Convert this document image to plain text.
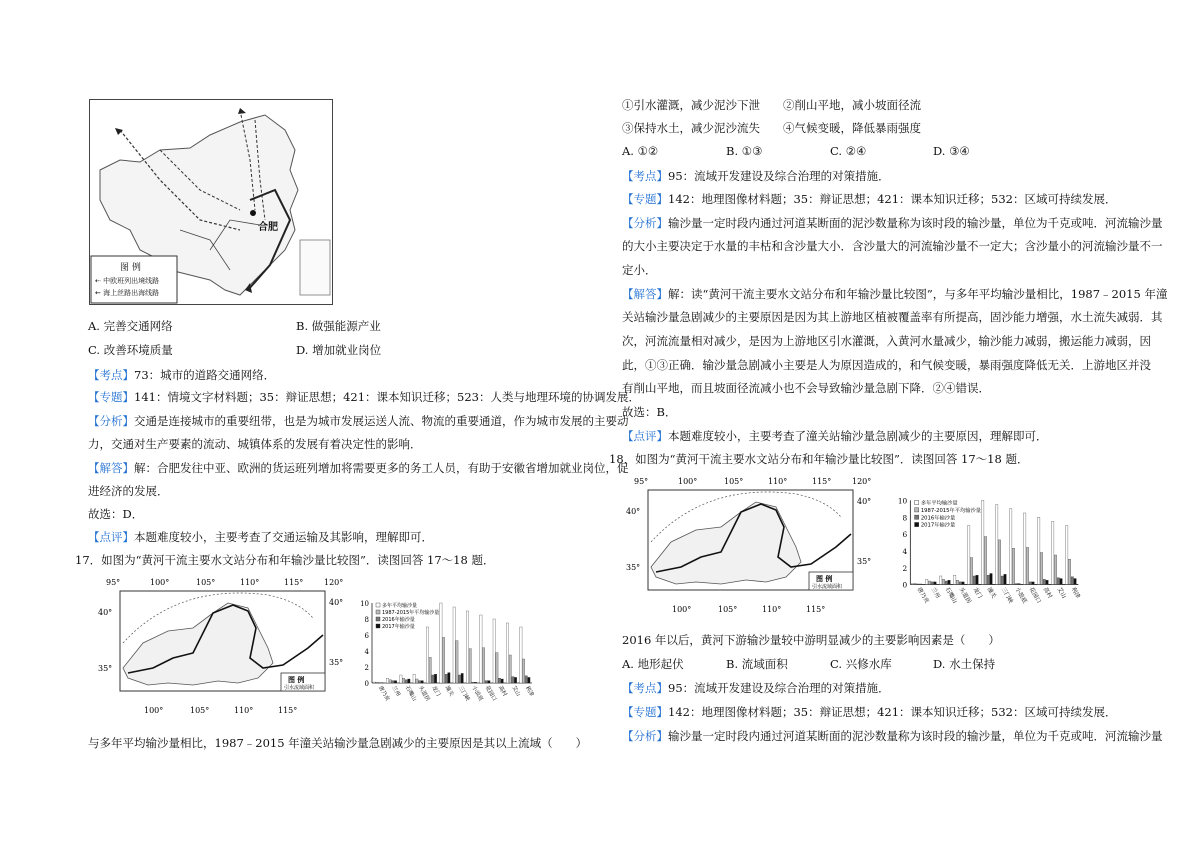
合肥
图 例
⇠ 中欧班列出境线路
← 海上丝路出海线路
A. 完善交通网络	B. 做强能源产业
C. 改善环境质量	D. 增加就业岗位
【考点】73：城市的道路交通网络．
【专题】141：情境文字材料题；35：辩证思想；421：课本知识迁移；523：人类与地理环境的协调发展．
【分析】交通是连接城市的重要纽带，也是为城市发展运送人流、物流的重要通道，作为城市发展的主要动
力，交通对生产要素的流动、城镇体系的发展有着决定性的影响．
【解答】解：合肥发往中亚、欧洲的货运班列增加将需要更多的务工人员，有助于安徽省增加就业岗位，促
进经济的发展．
故选：D．
【点评】本题难度较小，主要考查了交通运输及其影响，理解即可．
17．如图为“黄河干流主要水文站分布和年输沙量比较图”．读图回答 17～18 题．
95°	100°	105°	110°	115°	120°
100°	105°	110°	115°
40°
35°
40°
35°
图 例
引水流域面积
10
8
6
4
2
0
唐乃亥 兰州 石嘴山 头道拐 龙门 潼关 三门峡 小浪底 花园口 高村 艾山 利津
多年平均输沙量
1987-2015年平均输沙量
2016年输沙量
2017年输沙量
与多年平均输沙量相比，1987﹣2015 年潼关站输沙量急剧减少的主要原因是其以上流域（　　）
①引水灌溉，减少泥沙下泄　　②削山平地，减小坡面径流
③保持水土，减少泥沙流失　　④气候变暖，降低暴雨强度
A. ①②	B. ①③	C. ②④	D. ③④
【考点】95：流域开发建设及综合治理的对策措施．
【专题】142：地理图像材料题；35：辩证思想；421：课本知识迁移；532：区域可持续发展．
【分析】输沙量一定时段内通过河道某断面的泥沙数量称为该时段的输沙量，单位为千克或吨．河流输沙量
的大小主要决定于水量的丰枯和含沙量大小．含沙量大的河流输沙量不一定大；含沙量小的河流输沙量不一
定小．
【解答】解：读“黄河干流主要水文站分布和年输沙量比较图”，与多年平均输沙量相比，1987﹣2015 年潼
关站输沙量急剧减少的主要原因是因为其上游地区植被覆盖率有所提高，固沙能力增强，水土流失减弱．其
次，河流流量相对减少，是因为上游地区引水灌溉，入黄河水量减少，输沙能力减弱，搬运能力减弱，因
此，①③正确．输沙量急剧减小主要是人为原因造成的，和气候变暖，暴雨强度降低无关．上游地区并没
有削山平地，而且坡面径流减小也不会导致输沙量急剧下降．②④错误．
故选：B．
【点评】本题难度较小，主要考查了潼关站输沙量急剧减少的主要原因，理解即可．
18．如图为“黄河干流主要水文站分布和年输沙量比较图”．读图回答 17～18 题．
95°	100°	105°	110°	115°	120°
100°	105°	110°	115°
40°
35°
40°
35°
图 例
引水流域面积
10
8
6
4
2
0
唐乃亥 兰州 石嘴山 头道拐 龙门 潼关 三门峡 小浪底 花园口 高村 艾山 利津
多年平均输沙量
1987-2015年平均输沙量
2016年输沙量
2017年输沙量
2016 年以后，黄河下游输沙量较中游明显减少的主要影响因素是（　　）
A. 地形起伏	B. 流域面积	C. 兴修水库	D. 水土保持
【考点】95：流域开发建设及综合治理的对策措施．
【专题】142：地理图像材料题；35：辩证思想；421：课本知识迁移；532：区域可持续发展．
【分析】输沙量一定时段内通过河道某断面的泥沙数量称为该时段的输沙量，单位为千克或吨．河流输沙量
